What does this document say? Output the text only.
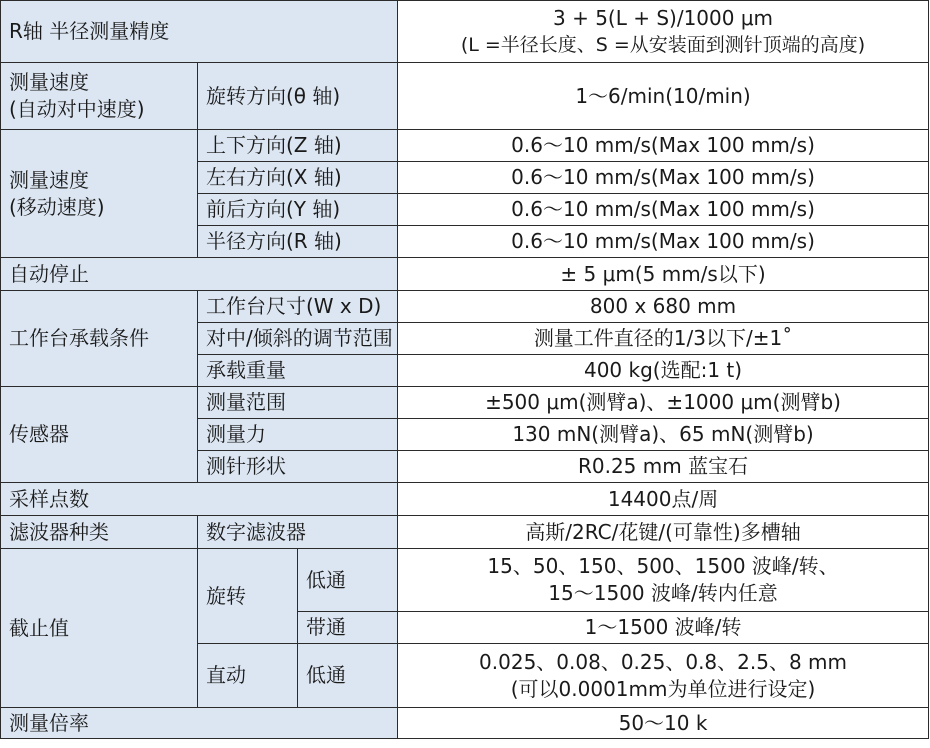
R轴 半径测量精度			3 + 5(L + S)/1000 μm
(L =半径长度、S =从安装面到测针顶端的高度)

测量速度
(自动对中速度)	旋转方向(θ 轴)		1～6/min(10/min)

测量速度
(移动速度)	上下方向(Z 轴)		0.6～10 mm/s(Max 100 mm/s)
	左右方向(X 轴)		0.6～10 mm/s(Max 100 mm/s)
	前后方向(Y 轴)		0.6～10 mm/s(Max 100 mm/s)
	半径方向(R 轴)		0.6～10 mm/s(Max 100 mm/s)
自动停止			± 5 μm(5 mm/s以下)
工作台承载条件	工作台尺寸(W x D)		800 x 680 mm
	对中/倾斜的调节范围		测量工件直径的1/3以下/±1˚
	承载重量		400 kg(选配:1 t)
传感器	测量范围		±500 μm(测臂a)、±1000 μm(测臂b)
	测量力		130 mN(测臂a)、65 mN(测臂b)
	测针形状		R0.25 mm 蓝宝石
采样点数			14400点/周
滤波器种类	数字滤波器		高斯/2RC/花键/(可靠性)多槽轴
截止值	旋转	低通	15、50、150、500、1500 波峰/转、
15～1500 波峰/转内任意

		带通	1～1500 波峰/转
	直动	低通	0.025、0.08、0.25、0.8、2.5、8 mm
(可以0.0001mm为单位进行设定)

测量倍率			50～10 k
